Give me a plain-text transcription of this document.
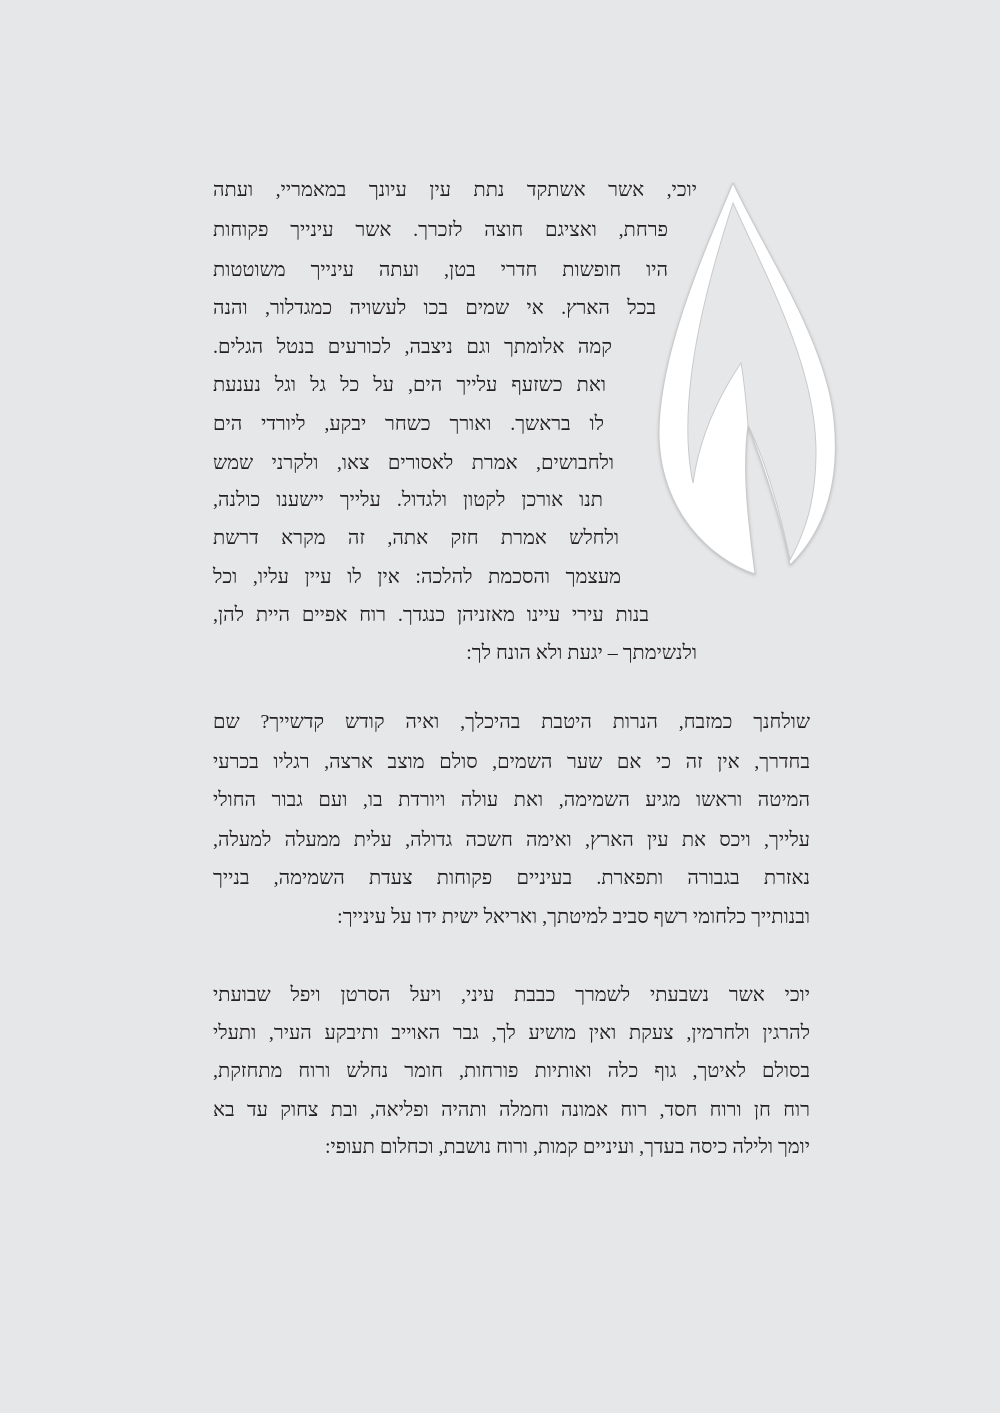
יוכי, אשר אשתקד נתת עין עיונך במאמריי, ועתה
פרחת, ואציגם חוצה לזכרך. אשר עינייך פקוחות
היו חופשות חדרי בטן, ועתה עינייך משוטטות
בכל הארץ. אי שמים בכו לעשויה כמגדלור, והנה
קמה אלומתך וגם ניצבה, לכורעים בנטל הגלים.
ואת כשזעף עלייך הים, על כל גל וגל נענעת
לו בראשך. ואורך כשחר יבקע, ליורדי הים
ולחבושים, אמרת לאסורים צאו, ולקרני שמש
תנו אורכן לקטון ולגדול. עלייך יישענו כולנה,
ולחלש אמרת חזק אתה, זה מקרא דרשת
מעצמך והסכמת להלכה: אין לו עיין עליו, וכל
בנות עירי עיינו מאזניהן כנגדך. רוח אפיים היית להן,
ולנשימתך – יגעת ולא הונח לך:
שולחנך כמזבח, הנרות היטבת בהיכלך, ואיה קודש קדשייך? שם
בחדרך, אין זה כי אם שער השמים, סולם מוצב ארצה, רגליו בכרעי
המיטה וראשו מגיע השמימה, ואת עולה ויורדת בו, ועם גבור החולי
עלייך, ויכס את עין הארץ, ואימה חשכה גדולה, עלית ממעלה למעלה,
נאזרת בגבורה ותפארת. בעיניים פקוחות צעדת השמימה, בנייך
ובנותייך כלחומי רשף סביב למיטתך, ואריאל ישית ידו על עינייך:
יוכי אשר נשבעתי לשמרך כבבת עיני, ויעל הסרטן ויפל שבועתי
להרגין ולחרמין, צעקת ואין מושיע לך, גבר האוייב ותיבקע העיר, ותעלי
בסולם לאיטך, גוף כלה ואותיות פורחות, חומר נחלש ורוח מתחזקת,
רוח חן ורוח חסד, רוח אמונה וחמלה ותהיה ופליאה, ובת צחוק עד בא
יומך ולילה כיסה בעדך, ועיניים קמות, ורוח נושבת, וכחלום תעופי:
